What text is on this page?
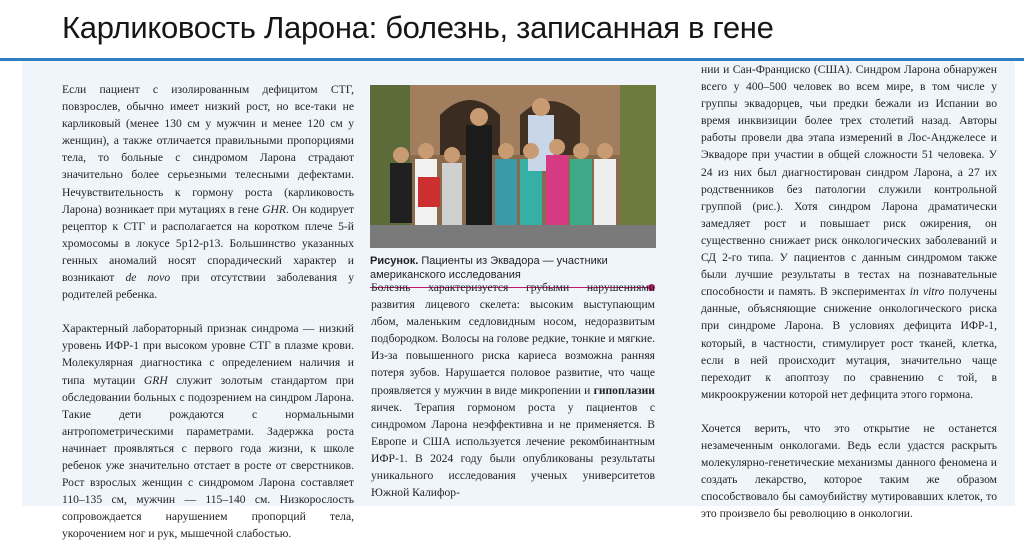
Карликовость Ларона: болезнь, записанная в гене

Если пациент с изолированным дефицитом СТГ, повзрослев, обычно имеет низкий рост, но все-таки не карликовый (менее 130 см у мужчин и менее 120 см у женщин), а также отличается правильными пропорциями тела, то больные с синдромом Ларона страдают значительно более серьезными телесными дефектами. Нечувствительность к гормону роста (карликовость Ларона) возникает при мутациях в гене GHR. Он кодирует рецептор к СТГ и располагается на коротком плече 5-й хромосомы в локусе 5p12-p13. Большинство указанных генных аномалий носят спорадический характер и возникают de novo при отсутствии заболевания у родителей ребенка.

Характерный лабораторный признак синдрома — низкий уровень ИФР-1 при высоком уровне СТГ в плазме крови. Молекулярная диагностика с определением наличия и типа мутации GRH служит золотым стандартом при обследовании больных с подозрением на синдром Ларона. Такие дети рождаются с нормальными антропометрическими параметрами. Задержка роста начинает проявляться с первого года жизни, к школе ребенок уже значительно отстает в росте от сверстников. Рост взрослых женщин с синдромом Ларона составляет 110–135 см, мужчин — 115–140 см. Низкорослость сопровождается нарушением пропорций тела, укорочением ног и рук, мышечной слабостью.

Рисунок. Пациенты из Эквадора — участники американского исследования

Болезнь характеризуется грубыми нарушениями развития лицевого скелета: высоким выступающим лбом, маленьким седловидным носом, недоразвитым подбородком. Волосы на голове редкие, тонкие и мягкие. Из-за повышенного риска кариеса возможна ранняя потеря зубов. Нарушается половое развитие, что чаще проявляется у мужчин в виде микропении и гипоплазии яичек. Терапия гормоном роста у пациентов с синдромом Ларона неэффективна и не применяется. В Европе и США используется лечение рекомбинантным ИФР-1. В 2024 году были опубликованы результаты уникального исследования ученых университетов Южной Калифор-

нии и Сан-Франциско (США). Синдром Ларона обнаружен всего у 400–500 человек во всем мире, в том числе у группы эквадорцев, чьи предки бежали из Испании во время инквизиции более трех столетий назад. Авторы работы провели два этапа измерений в Лос-Анджелесе и Эквадоре при участии в общей сложности 51 человека. У 24 из них был диагностирован синдром Ларона, а 27 их родственников без патологии служили контрольной группой (рис.). Хотя синдром Ларона драматически замедляет рост и повышает риск ожирения, он существенно снижает риск онкологических заболеваний и СД 2-го типа. У пациентов с данным синдромом также были лучшие результаты в тестах на познавательные способности и память. В экспериментах in vitro получены данные, объясняющие снижение онкологического риска при синдроме Ларона. В условиях дефицита ИФР-1, который, в частности, стимулирует рост тканей, клетка, если в ней происходит мутация, значительно чаще переходит к апоптозу по сравнению с той, в микроокружении которой нет дефицита этого гормона.

Хочется верить, что это открытие не останется незамеченным онкологами. Ведь если удастся раскрыть молекулярно-генетические механизмы данного феномена и создать лекарство, которое таким же образом способствовало бы самоубийству мутировавших клеток, то это произвело бы революцию в онкологии.
